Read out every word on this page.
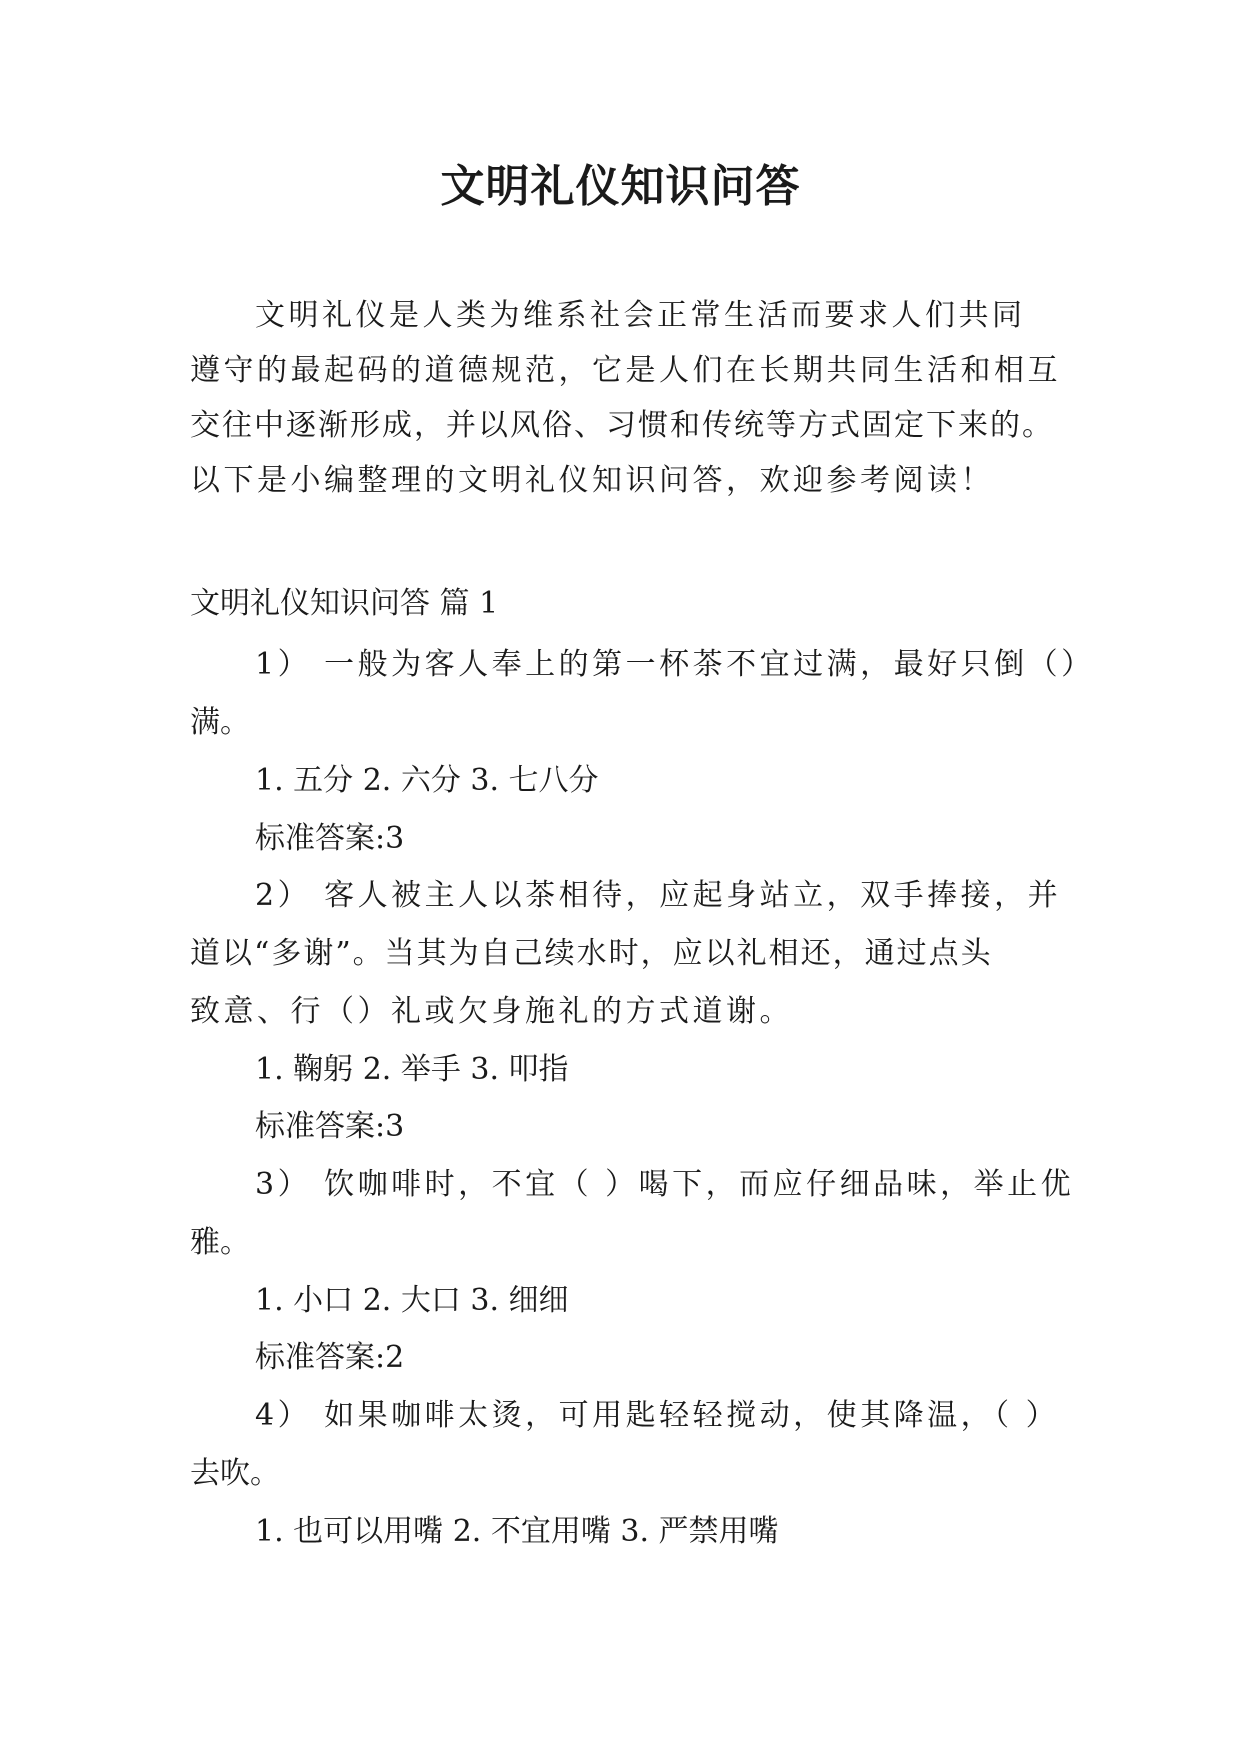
文明礼仪知识问答

文明礼仪是人类为维系社会正常生活而要求人们共同

遵守的最起码的道德规范，它是人们在长期共同生活和相互

交往中逐渐形成，并以风俗、习惯和传统等方式固定下来的。

以下是小编整理的文明礼仪知识问答，欢迎参考阅读！

文明礼仪知识问答 篇 1

1） 一般为客人奉上的第一杯茶不宜过满，最好只倒（）

满。

1. 五分 2. 六分 3. 七八分

标准答案:3

2） 客人被主人以茶相待，应起身站立，双手捧接，并

道以“多谢”。当其为自己续水时，应以礼相还，通过点头

致意、行（）礼或欠身施礼的方式道谢。

1. 鞠躬 2. 举手 3. 叩指

标准答案:3

3） 饮咖啡时，不宜（ ）喝下，而应仔细品味，举止优

雅。

1. 小口 2. 大口 3. 细细

标准答案:2

4） 如果咖啡太烫，可用匙轻轻搅动，使其降温，（ ）

去吹。

1. 也可以用嘴 2. 不宜用嘴 3. 严禁用嘴
